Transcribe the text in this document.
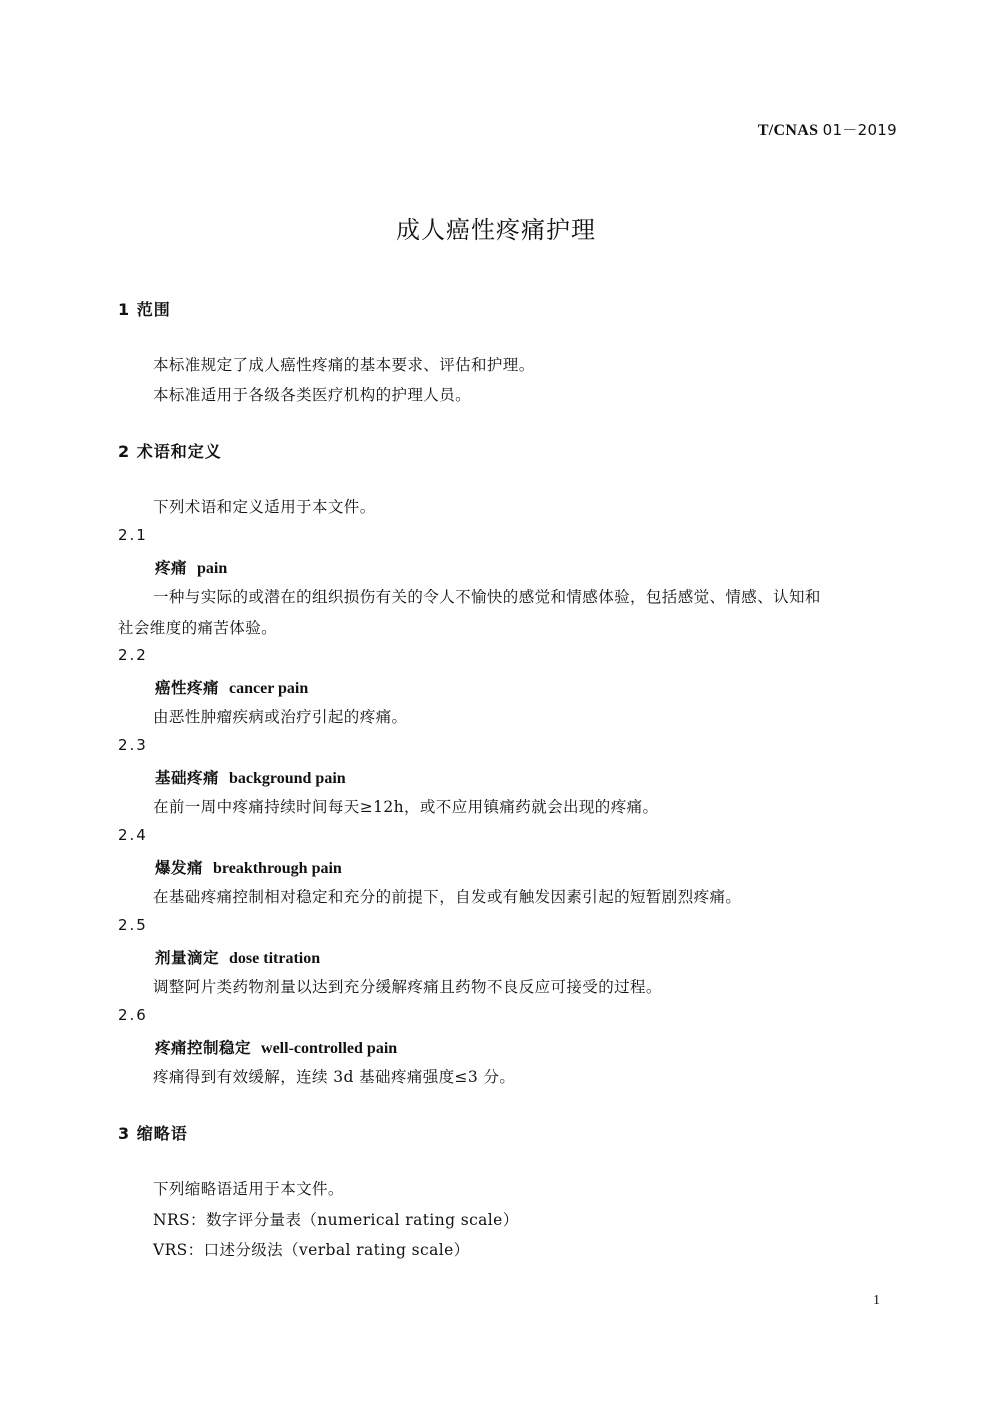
T/CNAS 01－2019
成人癌性疼痛护理
1 范围
本标准规定了成人癌性疼痛的基本要求、评估和护理。
本标准适用于各级各类医疗机构的护理人员。
2 术语和定义
下列术语和定义适用于本文件。
2.1
疼痛 pain
一种与实际的或潜在的组织损伤有关的令人不愉快的感觉和情感体验，包括感觉、情感、认知和
社会维度的痛苦体验。
2.2
癌性疼痛 cancer pain
由恶性肿瘤疾病或治疗引起的疼痛。
2.3
基础疼痛 background pain
在前一周中疼痛持续时间每天≥12h，或不应用镇痛药就会出现的疼痛。
2.4
爆发痛 breakthrough pain
在基础疼痛控制相对稳定和充分的前提下，自发或有触发因素引起的短暂剧烈疼痛。
2.5
剂量滴定 dose titration
调整阿片类药物剂量以达到充分缓解疼痛且药物不良反应可接受的过程。
2.6
疼痛控制稳定 well-controlled pain
疼痛得到有效缓解，连续 3d 基础疼痛强度≤3 分。
3 缩略语
下列缩略语适用于本文件。
NRS：数字评分量表（numerical rating scale）
VRS：口述分级法（verbal rating scale）
1
